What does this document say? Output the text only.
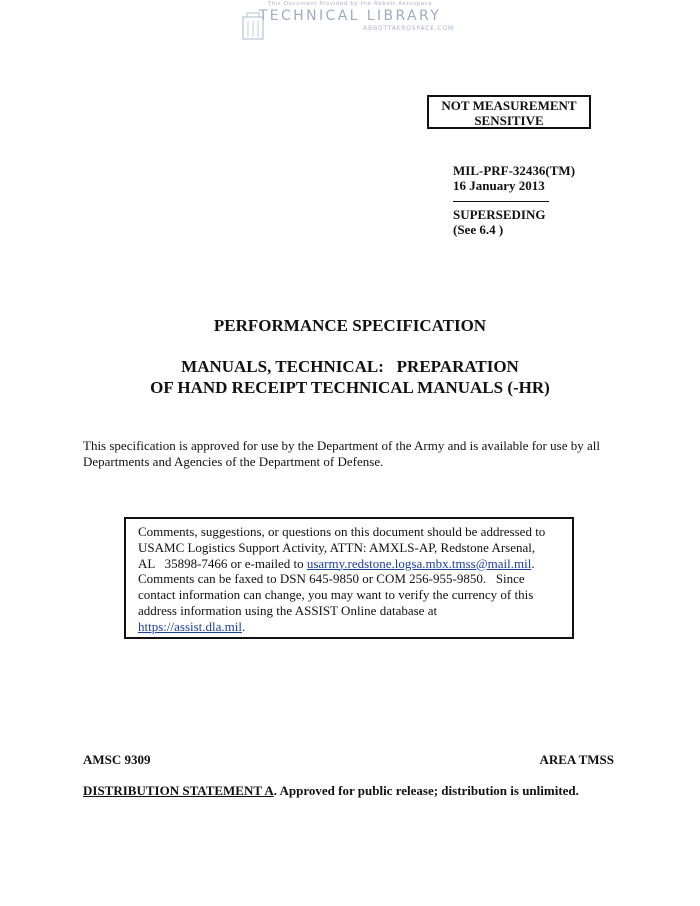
This Document Provided by the Abbott Aerospace
TECHNICAL LIBRARY
ABBOTTAEROSPACE.COM
NOT MEASUREMENT
SENSITIVE
MIL-PRF-32436(TM)
16 January 2013
SUPERSEDING
(See 6.4 )
PERFORMANCE SPECIFICATION
MANUALS, TECHNICAL:   PREPARATION
OF HAND RECEIPT TECHNICAL MANUALS (-HR)
This specification is approved for use by the Department of the Army and is available for use by all Departments and Agencies of the Department of Defense.
Comments, suggestions, or questions on this document should be addressed to
USAMC Logistics Support Activity, ATTN: AMXLS-AP, Redstone Arsenal,
AL   35898-7466 or e-mailed to usarmy.redstone.logsa.mbx.tmss@mail.mil.
Comments can be faxed to DSN 645-9850 or COM 256-955-9850.   Since
contact information can change, you may want to verify the currency of this
address information using the ASSIST Online database at
https://assist.dla.mil.
AMSC 9309	AREA TMSS
DISTRIBUTION STATEMENT A. Approved for public release; distribution is unlimited.
